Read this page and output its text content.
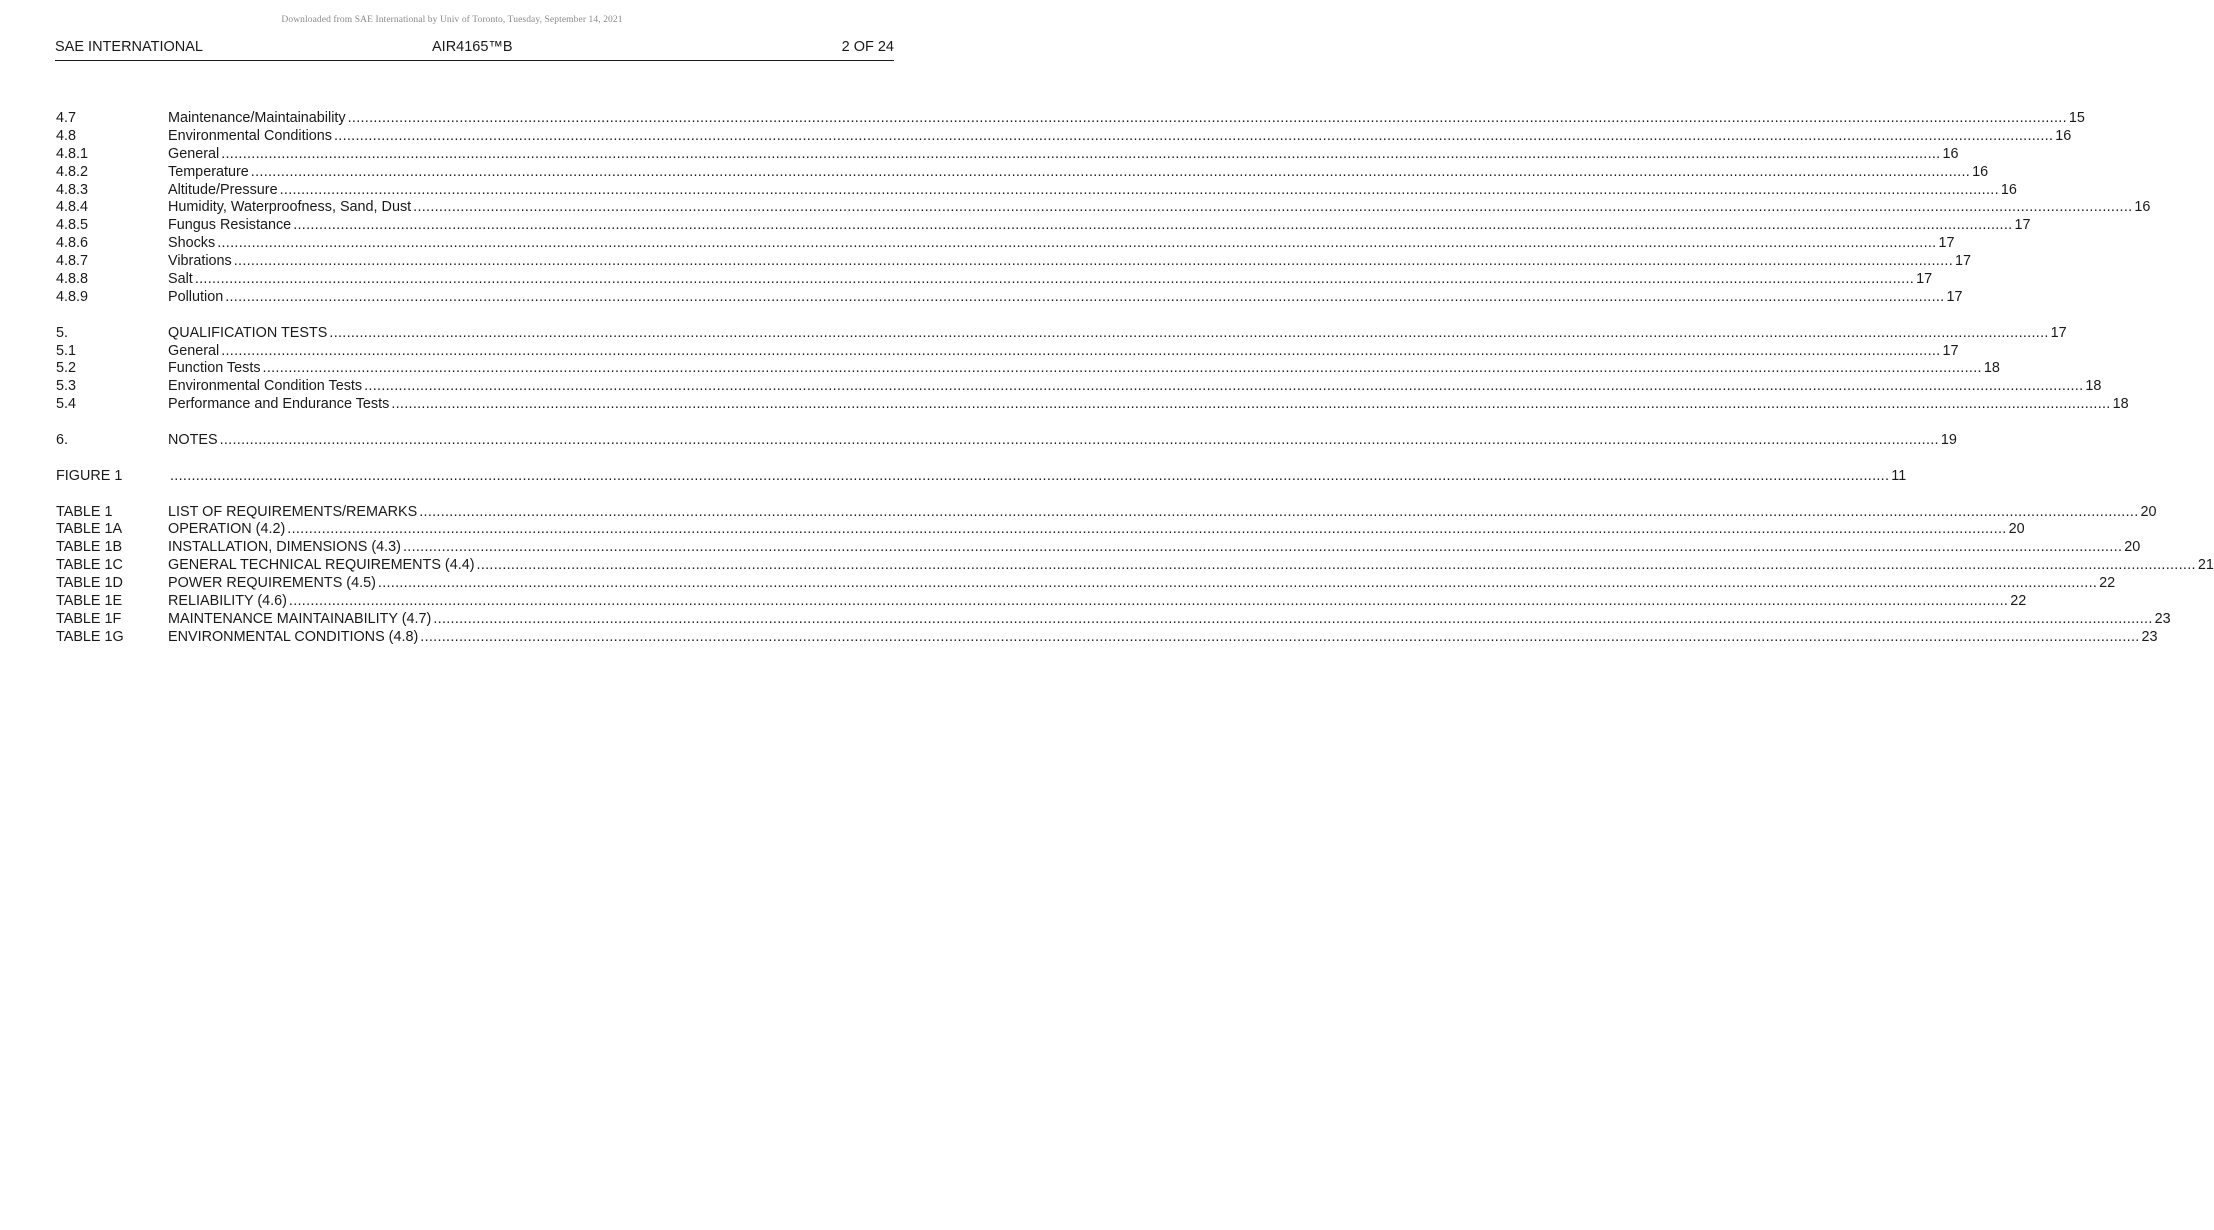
Downloaded from SAE International by Univ of Toronto, Tuesday, September 14, 2021
SAE INTERNATIONAL	AIR4165™B	2 OF 24
4.7	Maintenance/Maintainability ................................................................................................................................................................................................................................................................................................................................................................................................................ 15
4.8	Environmental Conditions ................................................................................................................................................................................................................................................................................................................................................................................................................ 16
4.8.1	General ................................................................................................................................................................................................................................................................................................................................................................................................................ 16
4.8.2	Temperature ................................................................................................................................................................................................................................................................................................................................................................................................................ 16
4.8.3	Altitude/Pressure ................................................................................................................................................................................................................................................................................................................................................................................................................ 16
4.8.4	Humidity, Waterproofness, Sand, Dust ................................................................................................................................................................................................................................................................................................................................................................................................................ 16
4.8.5	Fungus Resistance ................................................................................................................................................................................................................................................................................................................................................................................................................ 17
4.8.6	Shocks ................................................................................................................................................................................................................................................................................................................................................................................................................ 17
4.8.7	Vibrations ................................................................................................................................................................................................................................................................................................................................................................................................................ 17
4.8.8	Salt ................................................................................................................................................................................................................................................................................................................................................................................................................ 17
4.8.9	Pollution ................................................................................................................................................................................................................................................................................................................................................................................................................ 17
5.	QUALIFICATION TESTS ................................................................................................................................................................................................................................................................................................................................................................................................................ 17
5.1	General ................................................................................................................................................................................................................................................................................................................................................................................................................ 17
5.2	Function Tests ................................................................................................................................................................................................................................................................................................................................................................................................................ 18
5.3	Environmental Condition Tests ................................................................................................................................................................................................................................................................................................................................................................................................................ 18
5.4	Performance and Endurance Tests ................................................................................................................................................................................................................................................................................................................................................................................................................ 18
6.	NOTES ................................................................................................................................................................................................................................................................................................................................................................................................................ 19
FIGURE 1	................................................................................................................................................................................................................................................................................................................................................................................................................ 11
TABLE 1	LIST OF REQUIREMENTS/REMARKS ................................................................................................................................................................................................................................................................................................................................................................................................................ 20
TABLE 1A	OPERATION (4.2) ................................................................................................................................................................................................................................................................................................................................................................................................................ 20
TABLE 1B	INSTALLATION, DIMENSIONS (4.3) ................................................................................................................................................................................................................................................................................................................................................................................................................ 20
TABLE 1C	GENERAL TECHNICAL REQUIREMENTS (4.4) ................................................................................................................................................................................................................................................................................................................................................................................................................ 21
TABLE 1D	POWER REQUIREMENTS (4.5) ................................................................................................................................................................................................................................................................................................................................................................................................................ 22
TABLE 1E	RELIABILITY (4.6) ................................................................................................................................................................................................................................................................................................................................................................................................................ 22
TABLE 1F	MAINTENANCE MAINTAINABILITY (4.7) ................................................................................................................................................................................................................................................................................................................................................................................................................ 23
TABLE 1G	ENVIRONMENTAL CONDITIONS (4.8) ................................................................................................................................................................................................................................................................................................................................................................................................................ 23
